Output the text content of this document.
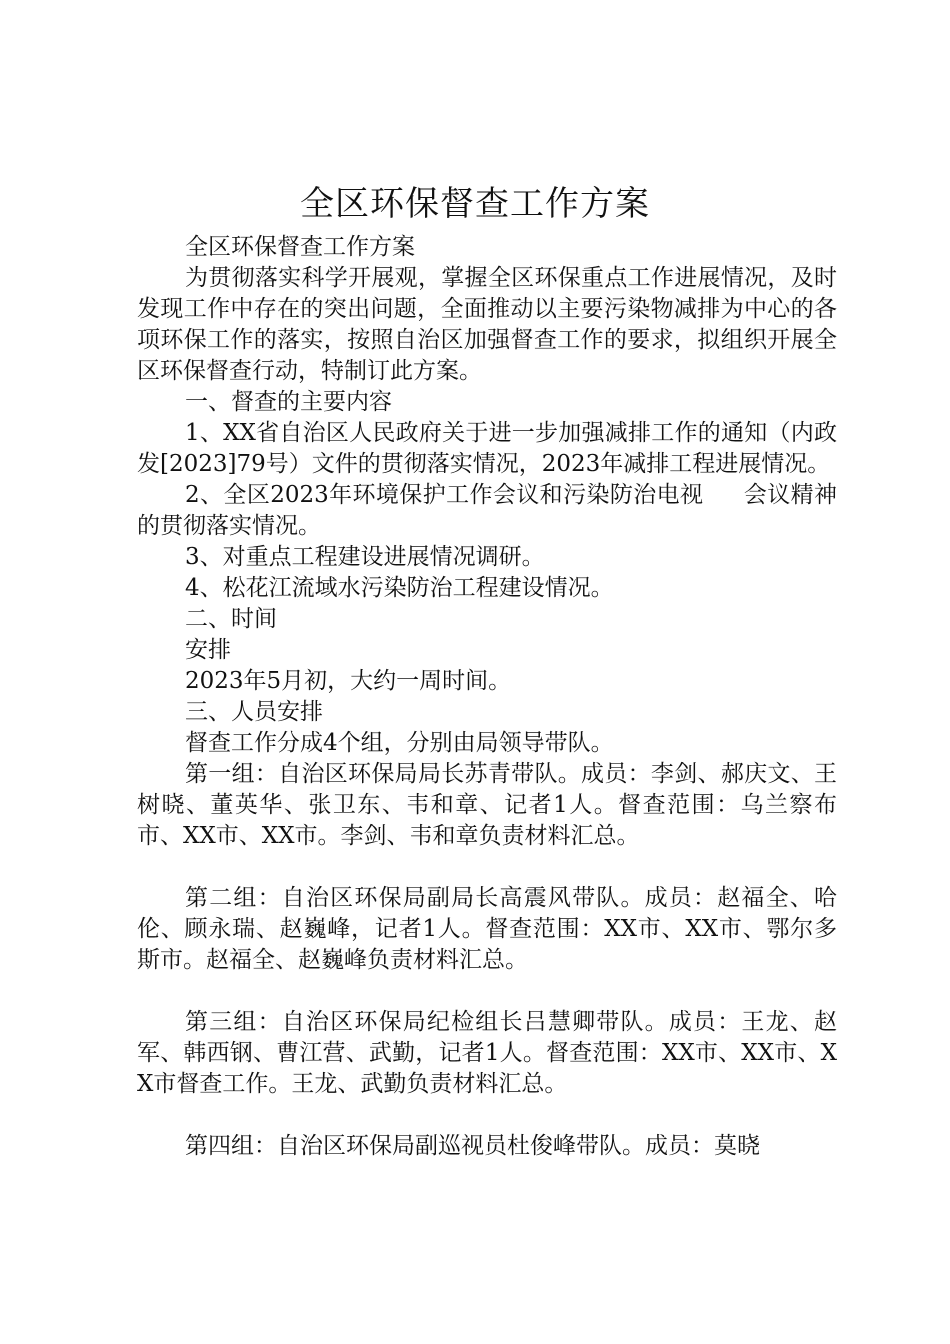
全区环保督查工作方案

全区环保督查工作方案

为贯彻落实科学开展观，掌握全区环保重点工作进展情况，及时发现工作中存在的突出问题，全面推动以主要污染物减排为中心的各项环保工作的落实，按照自治区加强督查工作的要求，拟组织开展全区环保督查行动，特制订此方案。

一、督查的主要内容

1、XX省自治区人民政府关于进一步加强减排工作的通知（内政发[2023]79号）文件的贯彻落实情况，2023年减排工程进展情况。

2、全区2023年环境保护工作会议和污染防治电视 会议精神的贯彻落实情况。

3、对重点工程建设进展情况调研。

4、松花江流域水污染防治工程建设情况。

二、时间

安排

2023年5月初，大约一周时间。

三、人员安排

督查工作分成4个组，分别由局领导带队。

第一组：自治区环保局局长苏青带队。成员：李剑、郝庆文、王树晓、董英华、张卫东、韦和章、记者1人。督查范围：乌兰察布市、XX市、XX市。李剑、韦和章负责材料汇总。

第二组：自治区环保局副局长高震风带队。成员：赵福全、哈伦、顾永瑞、赵巍峰，记者1人。督查范围：XX市、XX市、鄂尔多斯市。赵福全、赵巍峰负责材料汇总。

第三组：自治区环保局纪检组长吕慧卿带队。成员：王龙、赵军、韩西钢、曹江营、武勤，记者1人。督查范围：XX市、XX市、XX市督查工作。王龙、武勤负责材料汇总。

第四组：自治区环保局副巡视员杜俊峰带队。成员：莫晓
